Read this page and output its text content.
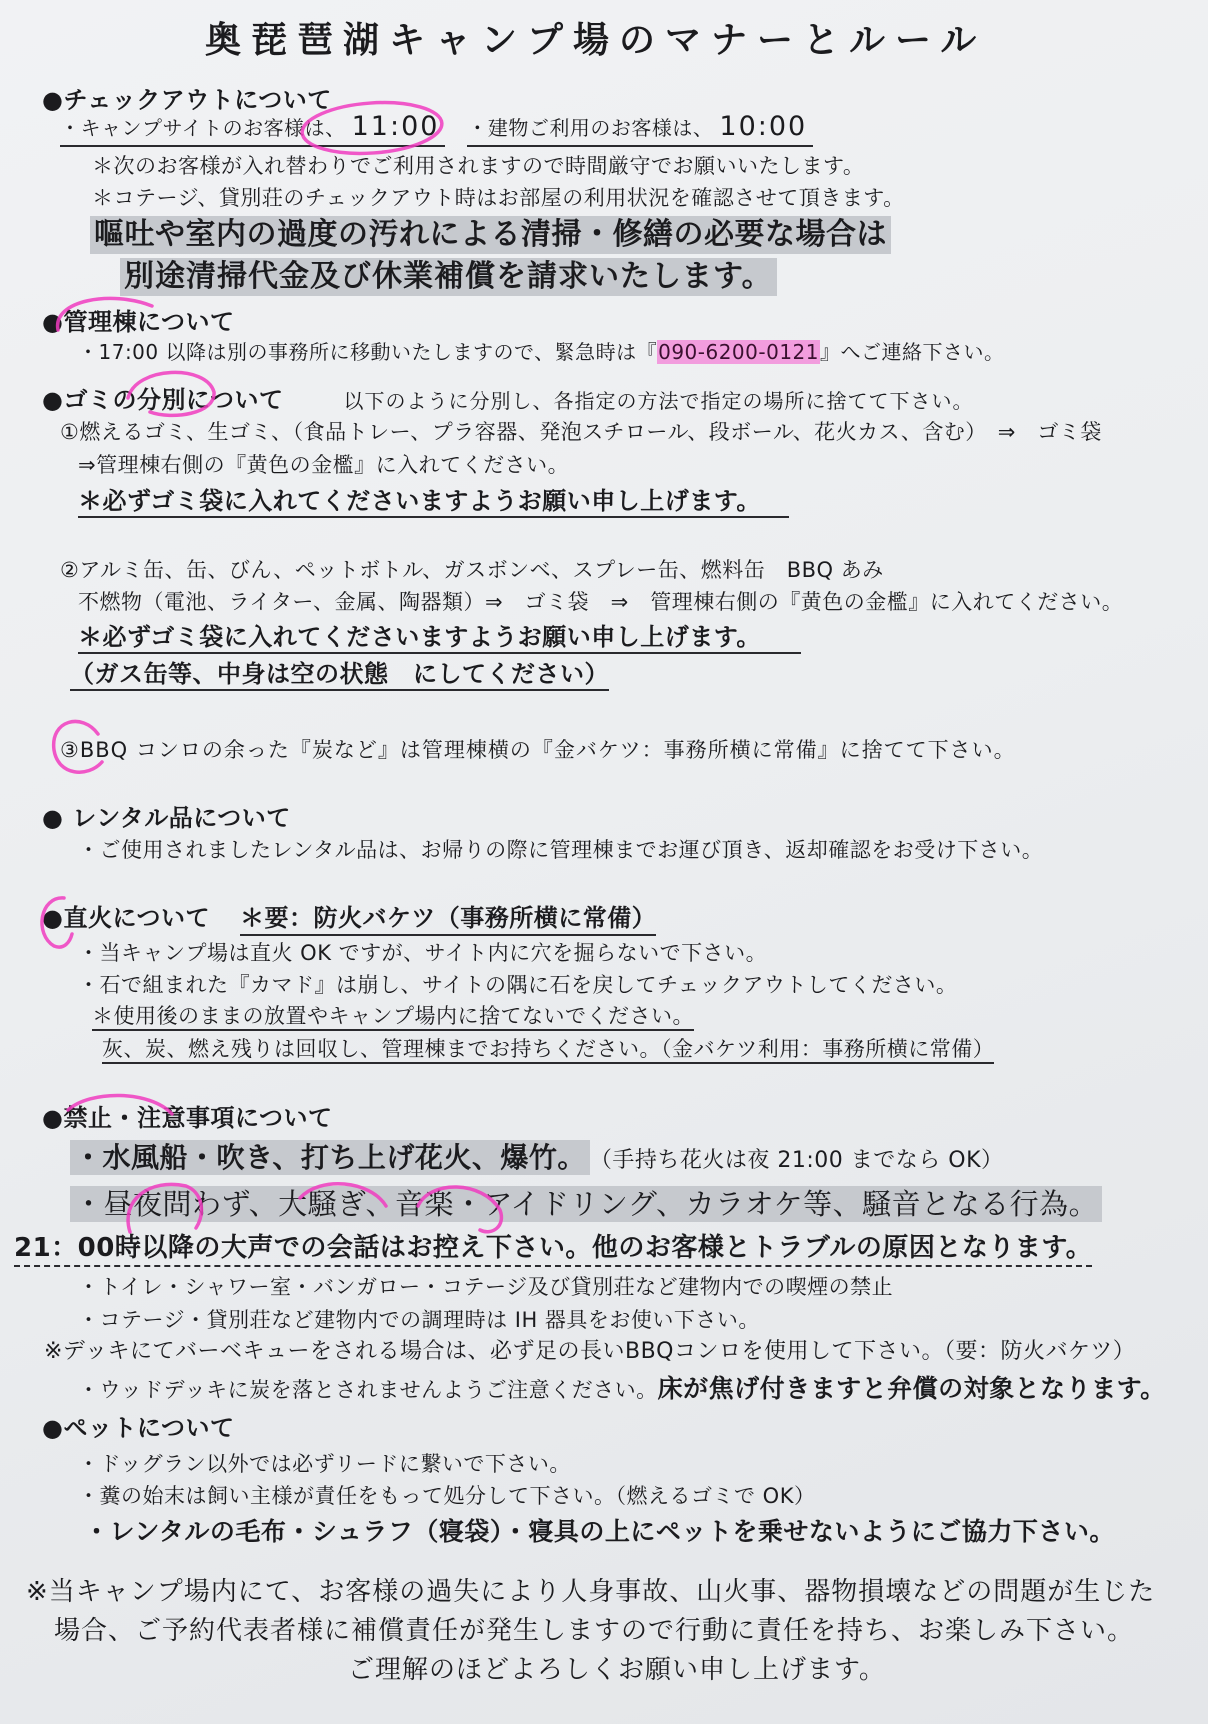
奥琵琶湖キャンプ場のマナーとルール
●チェックアウトについて
・キャンプサイトのお客様は、 11:00	・建物ご利用のお客様は、 10:00
＊次のお客様が入れ替わりでご利用されますので時間厳守でお願いいたします。
＊コテージ、貸別荘のチェックアウト時はお部屋の利用状況を確認させて頂きます。
嘔吐や室内の過度の汚れによる清掃・修繕の必要な場合は
別途清掃代金及び休業補償を請求いたします。
●管理棟について
・17:00 以降は別の事務所に移動いたしますので、緊急時は『090-6200-0121』へご連絡下さい。
●ゴミの分別について	以下のように分別し、各指定の方法で指定の場所に捨てて下さい。
①燃えるゴミ、生ゴミ、（食品トレー、プラ容器、発泡スチロール、段ボール、花火カス、含む）　⇒　ゴミ袋
⇒管理棟右側の『黄色の金檻』に入れてください。
＊必ずゴミ袋に入れてくださいますようお願い申し上げます。
②アルミ缶、缶、びん、ペットボトル、ガスボンベ、スプレー缶、燃料缶　BBQ あみ
不燃物（電池、ライター、金属、陶器類）⇒　ゴミ袋　⇒　管理棟右側の『黄色の金檻』に入れてください。
＊必ずゴミ袋に入れてくださいますようお願い申し上げます。
（ガス缶等、中身は空の状態　にしてください）
③BBQ コンロの余った『炭など』は管理棟横の『金バケツ：事務所横に常備』に捨てて下さい。
● レンタル品について
・ご使用されましたレンタル品は、お帰りの際に管理棟までお運び頂き、返却確認をお受け下さい。
●直火について ＊要：防火バケツ（事務所横に常備）
・当キャンプ場は直火 OK ですが、サイト内に穴を掘らないで下さい。
・石で組まれた『カマド』は崩し、サイトの隅に石を戻してチェックアウトしてください。
＊使用後のままの放置やキャンプ場内に捨てないでください。
灰、炭、燃え残りは回収し、管理棟までお持ちください。（金バケツ利用：事務所横に常備）
●禁止・注意事項について
・水風船・吹き、打ち上げ花火、爆竹。 （手持ち花火は夜 21:00 までなら OK）
・昼夜問わず、大騒ぎ、音楽・アイドリング、カラオケ等、騒音となる行為。
21：00時以降の大声での会話はお控え下さい。他のお客様とトラブルの原因となります。
・トイレ・シャワー室・バンガロー・コテージ及び貸別荘など建物内での喫煙の禁止
・コテージ・貸別荘など建物内での調理時は IH 器具をお使い下さい。
※デッキにてバーベキューをされる場合は、必ず足の長いBBQコンロを使用して下さい。（要：防火バケツ）
・ウッドデッキに炭を落とされませんようご注意ください。 床が焦げ付きますと弁償の対象となります。
●ペットについて
・ドッグラン以外では必ずリードに繋いで下さい。
・糞の始末は飼い主様が責任をもって処分して下さい。（燃えるゴミで OK）
・レンタルの毛布・シュラフ（寝袋）・寝具の上にペットを乗せないようにご協力下さい。
※当キャンプ場内にて、お客様の過失により人身事故、山火事、器物損壊などの問題が生じた
場合、ご予約代表者様に補償責任が発生しますので行動に責任を持ち、お楽しみ下さい。
ご理解のほどよろしくお願い申し上げます。
